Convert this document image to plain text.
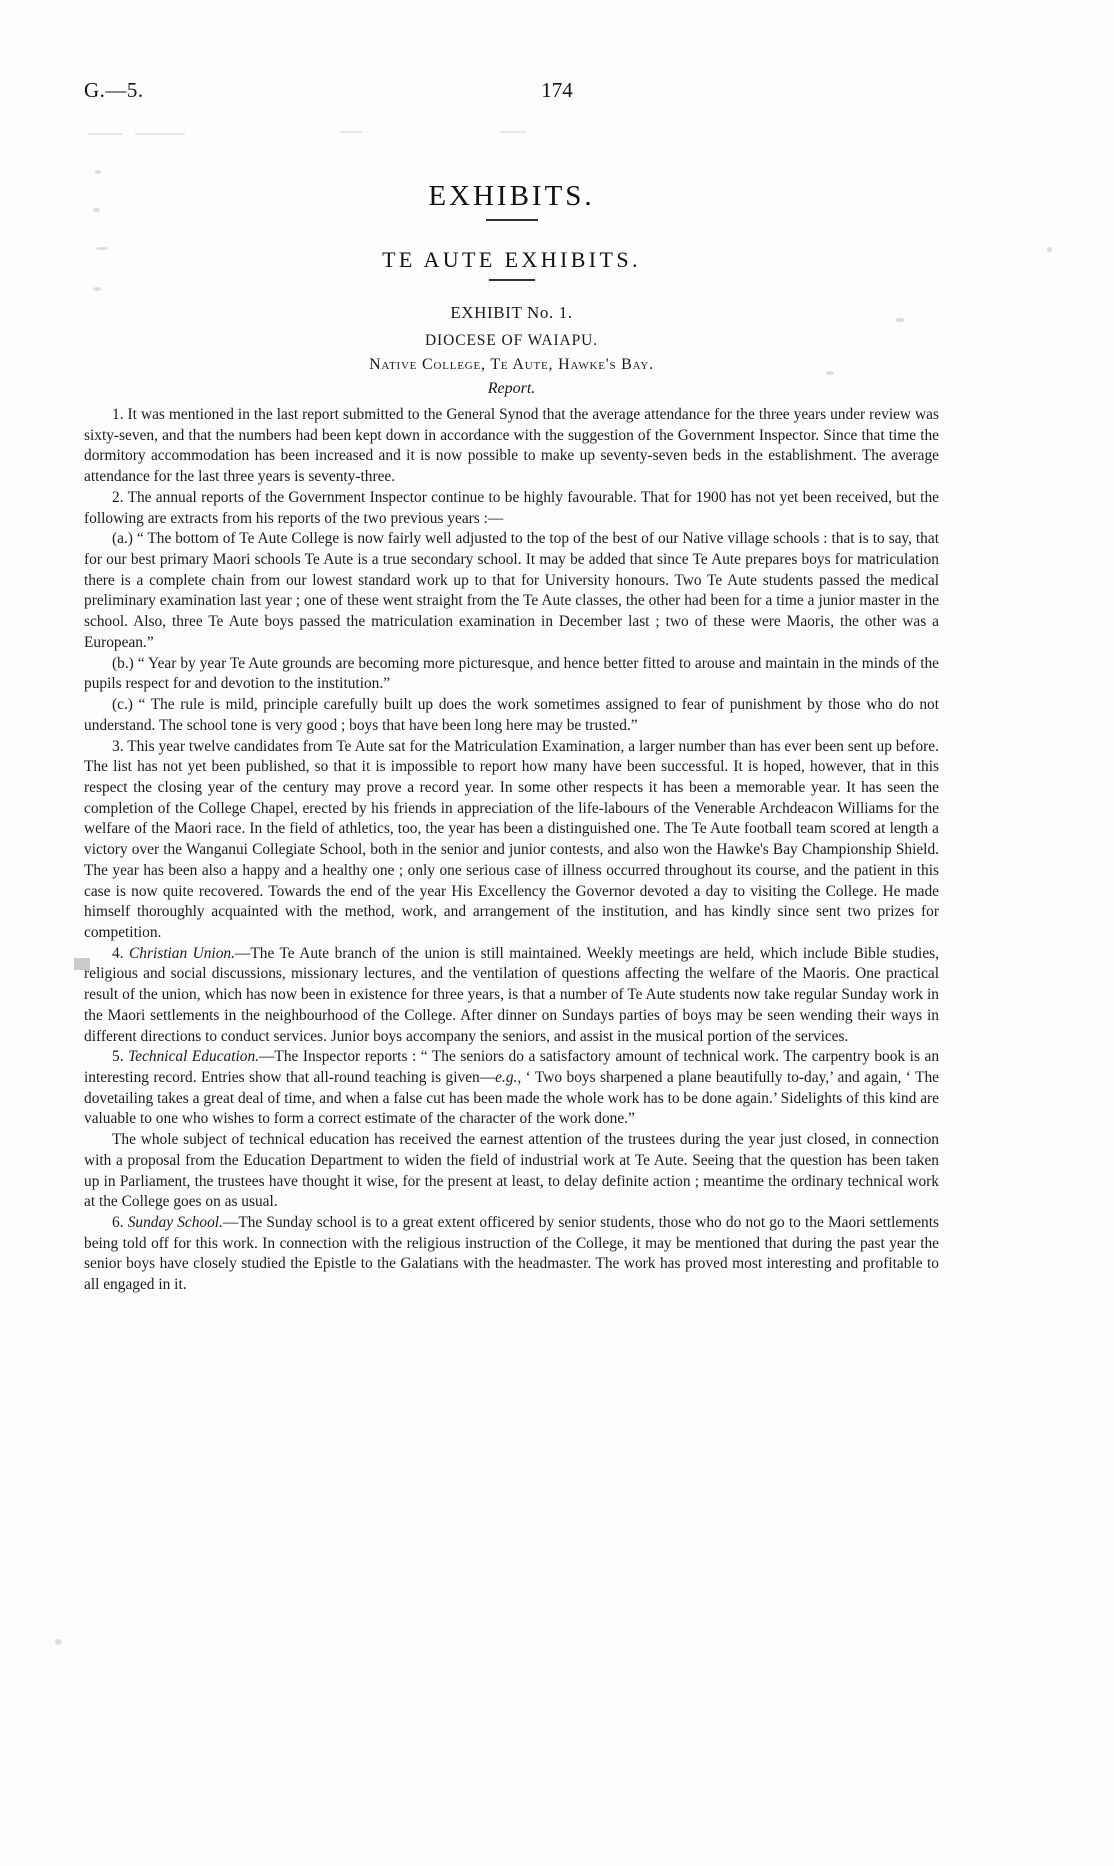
G.—5.	174
EXHIBITS.
TE AUTE EXHIBITS.
EXHIBIT No. 1.
DIOCESE OF WAIAPU.
Native College, Te Aute, Hawke's Bay.
Report.

1. It was mentioned in the last report submitted to the General Synod that the average attendance for the three years under review was sixty-seven, and that the numbers had been kept down in accordance with the suggestion of the Government Inspector. Since that time the dormitory accommodation has been increased and it is now possible to make up seventy-seven beds in the establishment. The average attendance for the last three years is seventy-three.

2. The annual reports of the Government Inspector continue to be highly favourable. That for 1900 has not yet been received, but the following are extracts from his reports of the two previous years :—

(a.) “ The bottom of Te Aute College is now fairly well adjusted to the top of the best of our Native village schools : that is to say, that for our best primary Maori schools Te Aute is a true secondary school. It may be added that since Te Aute prepares boys for matriculation there is a complete chain from our lowest standard work up to that for University honours. Two Te Aute students passed the medical preliminary examination last year ; one of these went straight from the Te Aute classes, the other had been for a time a junior master in the school. Also, three Te Aute boys passed the matriculation examination in December last ; two of these were Maoris, the other was a European.”

(b.) “ Year by year Te Aute grounds are becoming more picturesque, and hence better fitted to arouse and maintain in the minds of the pupils respect for and devotion to the institution.”

(c.) “ The rule is mild, principle carefully built up does the work sometimes assigned to fear of punishment by those who do not understand. The school tone is very good ; boys that have been long here may be trusted.”

3. This year twelve candidates from Te Aute sat for the Matriculation Examination, a larger number than has ever been sent up before. The list has not yet been published, so that it is impossible to report how many have been successful. It is hoped, however, that in this respect the closing year of the century may prove a record year. In some other respects it has been a memorable year. It has seen the completion of the College Chapel, erected by his friends in appreciation of the life-labours of the Venerable Archdeacon Williams for the welfare of the Maori race. In the field of athletics, too, the year has been a distinguished one. The Te Aute football team scored at length a victory over the Wanganui Collegiate School, both in the senior and junior contests, and also won the Hawke's Bay Championship Shield. The year has been also a happy and a healthy one ; only one serious case of illness occurred throughout its course, and the patient in this case is now quite recovered. Towards the end of the year His Excellency the Governor devoted a day to visiting the College. He made himself thoroughly acquainted with the method, work, and arrangement of the institution, and has kindly since sent two prizes for competition.

4. Christian Union.—The Te Aute branch of the union is still maintained. Weekly meetings are held, which include Bible studies, religious and social discussions, missionary lectures, and the ventilation of questions affecting the welfare of the Maoris. One practical result of the union, which has now been in existence for three years, is that a number of Te Aute students now take regular Sunday work in the Maori settlements in the neighbourhood of the College. After dinner on Sundays parties of boys may be seen wending their ways in different directions to conduct services. Junior boys accompany the seniors, and assist in the musical portion of the services.

5. Technical Education.—The Inspector reports : “ The seniors do a satisfactory amount of technical work. The carpentry book is an interesting record. Entries show that all-round teaching is given—e.g., ‘ Two boys sharpened a plane beautifully to-day,’ and again, ‘ The dovetailing takes a great deal of time, and when a false cut has been made the whole work has to be done again.’ Sidelights of this kind are valuable to one who wishes to form a correct estimate of the character of the work done.”

The whole subject of technical education has received the earnest attention of the trustees during the year just closed, in connection with a proposal from the Education Department to widen the field of industrial work at Te Aute. Seeing that the question has been taken up in Parliament, the trustees have thought it wise, for the present at least, to delay definite action ; meantime the ordinary technical work at the College goes on as usual.

6. Sunday School.—The Sunday school is to a great extent officered by senior students, those who do not go to the Maori settlements being told off for this work. In connection with the religious instruction of the College, it may be mentioned that during the past year the senior boys have closely studied the Epistle to the Galatians with the headmaster. The work has proved most interesting and profitable to all engaged in it.
